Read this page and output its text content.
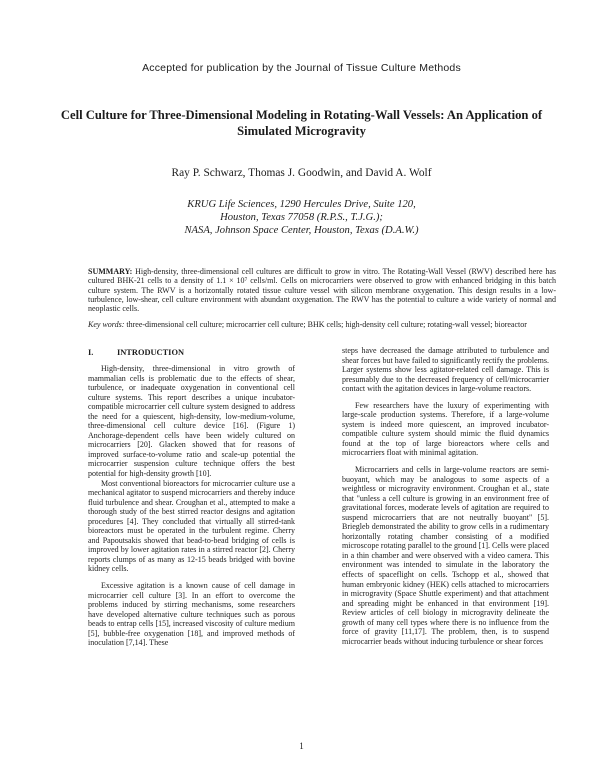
Accepted for publication by the Journal of Tissue Culture Methods
Cell Culture for Three-Dimensional Modeling in Rotating-Wall Vessels: An Application of Simulated Microgravity
Ray P. Schwarz, Thomas J. Goodwin, and David A. Wolf
KRUG Life Sciences, 1290 Hercules Drive, Suite 120,
Houston, Texas 77058 (R.P.S., T.J.G.);
NASA, Johnson Space Center, Houston, Texas (D.A.W.)
SUMMARY: High-density, three-dimensional cell cultures are difficult to grow in vitro. The Rotating-Wall Vessel (RWV) described here has cultured BHK-21 cells to a density of 1.1 × 10⁷ cells/ml. Cells on microcarriers were observed to grow with enhanced bridging in this batch culture system. The RWV is a horizontally rotated tissue culture vessel with silicon membrane oxygenation. This design results in a low-turbulence, low-shear, cell culture environment with abundant oxygenation. The RWV has the potential to culture a wide variety of normal and neoplastic cells.
Key words: three-dimensional cell culture; microcarrier cell culture; BHK cells; high-density cell culture; rotating-wall vessel; bioreactor
I.	INTRODUCTION

High-density, three-dimensional in vitro growth of mammalian cells is problematic due to the effects of shear, turbulence, or inadequate oxygenation in conventional cell culture systems. This report describes a unique incubator-compatible microcarrier cell culture system designed to address the need for a quiescent, high-density, low-medium-volume, three-dimensional cell culture device [16]. (Figure 1) Anchorage-dependent cells have been widely cultured on microcarriers [20]. Glacken showed that for reasons of improved surface-to-volume ratio and scale-up potential the microcarrier suspension culture technique offers the best potential for high-density growth [10].

Most conventional bioreactors for microcarrier culture use a mechanical agitator to suspend microcarriers and thereby induce fluid turbulence and shear. Croughan et al., attempted to make a thorough study of the best stirred reactor designs and agitation procedures [4]. They concluded that virtually all stirred-tank bioreactors must be operated in the turbulent regime. Cherry and Papoutsakis showed that bead-to-bead bridging of cells is improved by lower agitation rates in a stirred reactor [2]. Cherry reports clumps of as many as 12-15 beads bridged with bovine kidney cells.

Excessive agitation is a known cause of cell damage in microcarrier cell culture [3]. In an effort to overcome the problems induced by stirring mechanisms, some researchers have developed alternative culture techniques such as porous beads to entrap cells [15], increased viscosity of culture medium [5], bubble-free oxygenation [18], and improved methods of inoculation [7,14]. These

steps have decreased the damage attributed to turbulence and shear forces but have failed to significantly rectify the problems. Larger systems show less agitator-related cell damage. This is presumably due to the decreased frequency of cell/microcarrier contact with the agitation devices in large-volume reactors.

Few researchers have the luxury of experimenting with large-scale production systems. Therefore, if a large-volume system is indeed more quiescent, an improved incubator-compatible culture system should mimic the fluid dynamics found at the top of large bioreactors where cells and microcarriers float with minimal agitation.

Microcarriers and cells in large-volume reactors are semi-buoyant, which may be analogous to some aspects of a weightless or microgravity environment. Croughan et al., state that "unless a cell culture is growing in an environment free of gravitational forces, moderate levels of agitation are required to suspend microcarriers that are not neutrally buoyant" [5]. Briegleb demonstrated the ability to grow cells in a rudimentary horizontally rotating chamber consisting of a modified microscope rotating parallel to the ground [1]. Cells were placed in a thin chamber and were observed with a video camera. This environment was intended to simulate in the laboratory the effects of spaceflight on cells. Tschopp et al., showed that human embryonic kidney (HEK) cells attached to microcarriers in microgravity (Space Shuttle experiment) and that attachment and spreading might be enhanced in that environment [19]. Review articles of cell biology in microgravity delineate the growth of many cell types where there is no influence from the force of gravity [11,17]. The problem, then, is to suspend microcarrier beads without inducing turbulence or shear forces

1
